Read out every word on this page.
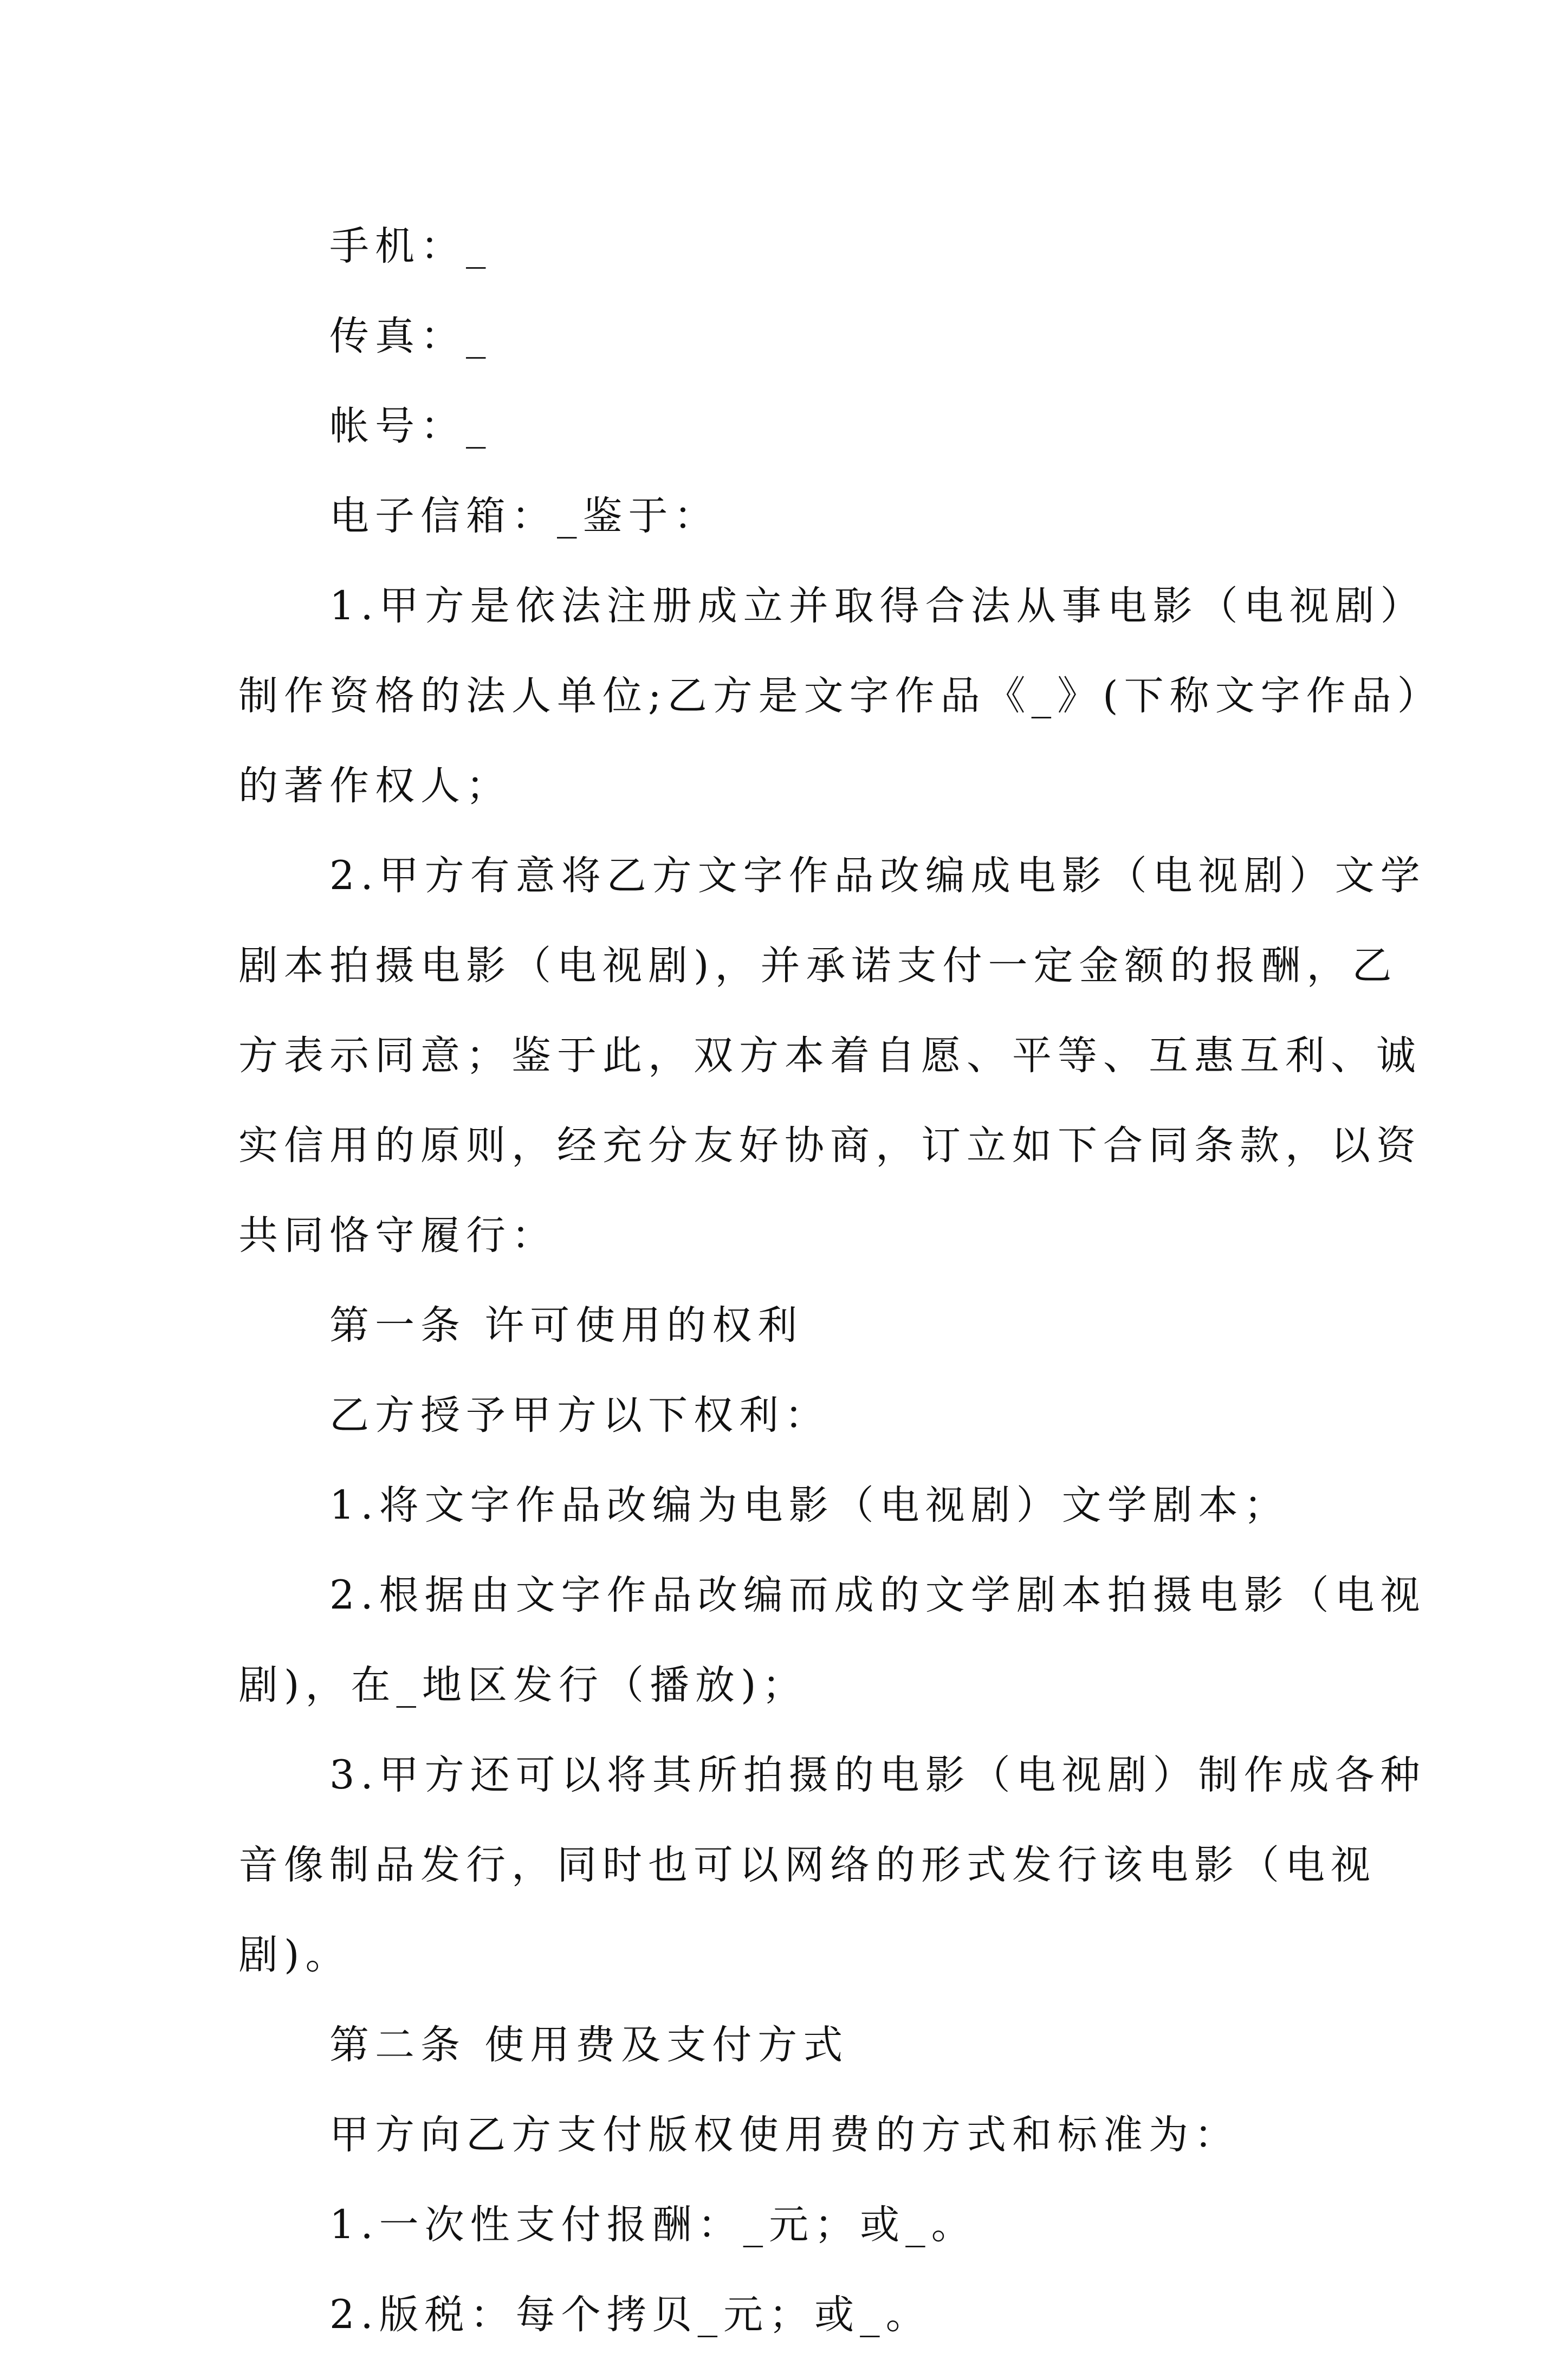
手机：_
传真：_
帐号：_
电子信箱：_鉴于：
1.甲方是依法注册成立并取得合法从事电影（电视剧）
制作资格的法人单位;乙方是文字作品《_》(下称文字作品）
的著作权人；
2.甲方有意将乙方文字作品改编成电影（电视剧）文学
剧本拍摄电影（电视剧)，并承诺支付一定金额的报酬，乙
方表示同意；鉴于此，双方本着自愿、平等、互惠互利、诚
实信用的原则，经充分友好协商，订立如下合同条款，以资
共同恪守履行：
第一条 许可使用的权利
乙方授予甲方以下权利：
1.将文字作品改编为电影（电视剧）文学剧本；
2.根据由文字作品改编而成的文学剧本拍摄电影（电视
剧)，在_地区发行（播放)；
3.甲方还可以将其所拍摄的电影（电视剧）制作成各种
音像制品发行，同时也可以网络的形式发行该电影（电视
剧)。
第二条 使用费及支付方式
甲方向乙方支付版权使用费的方式和标准为：
1.一次性支付报酬：_元；或_。
2.版税：每个拷贝_元；或_。
